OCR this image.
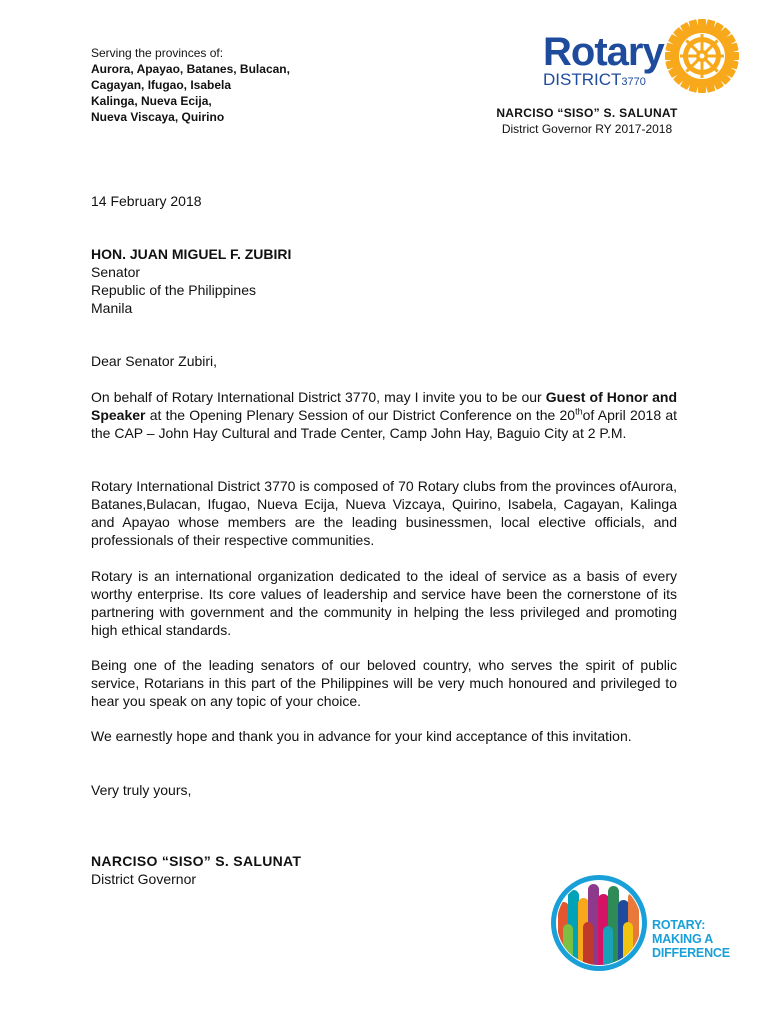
Serving the provinces of:
Aurora, Apayao, Batanes, Bulacan,
Cagayan, Ifugao, Isabela
Kalinga, Nueva Ecija,
Nueva Viscaya, Quirino
Rotary
DISTRICT3770
NARCISO “SISO” S. SALUNAT
District Governor RY 2017-2018
14 February 2018
HON. JUAN MIGUEL F. ZUBIRI
Senator
Republic of the Philippines
Manila
Dear Senator Zubiri,
On behalf of Rotary International District 3770, may I invite you to be our Guest of Honor and Speaker at the Opening Plenary Session of our District Conference on the 20thof April 2018 at the CAP – John Hay Cultural and Trade Center, Camp John Hay, Baguio City at 2 P.M.
Rotary International District 3770 is composed of 70 Rotary clubs from the provinces ofAurora, Batanes,Bulacan, Ifugao, Nueva Ecija, Nueva Vizcaya, Quirino, Isabela, Cagayan, Kalinga and Apayao whose members are the leading businessmen, local elective officials, and professionals of their respective communities.
Rotary is an international organization dedicated to the ideal of service as a basis of every worthy enterprise. Its core values of leadership and service have been the cornerstone of its partnering with government and the community in helping the less privileged and promoting high ethical standards.
Being one of the leading senators of our beloved country, who serves the spirit of public service, Rotarians in this part of the Philippines will be very much honoured and privileged to hear you speak on any topic of your choice.
We earnestly hope and thank you in advance for your kind acceptance of this invitation.
Very truly yours,
NARCISO “SISO” S. SALUNAT
District Governor
ROTARY:
MAKING A
DIFFERENCE
